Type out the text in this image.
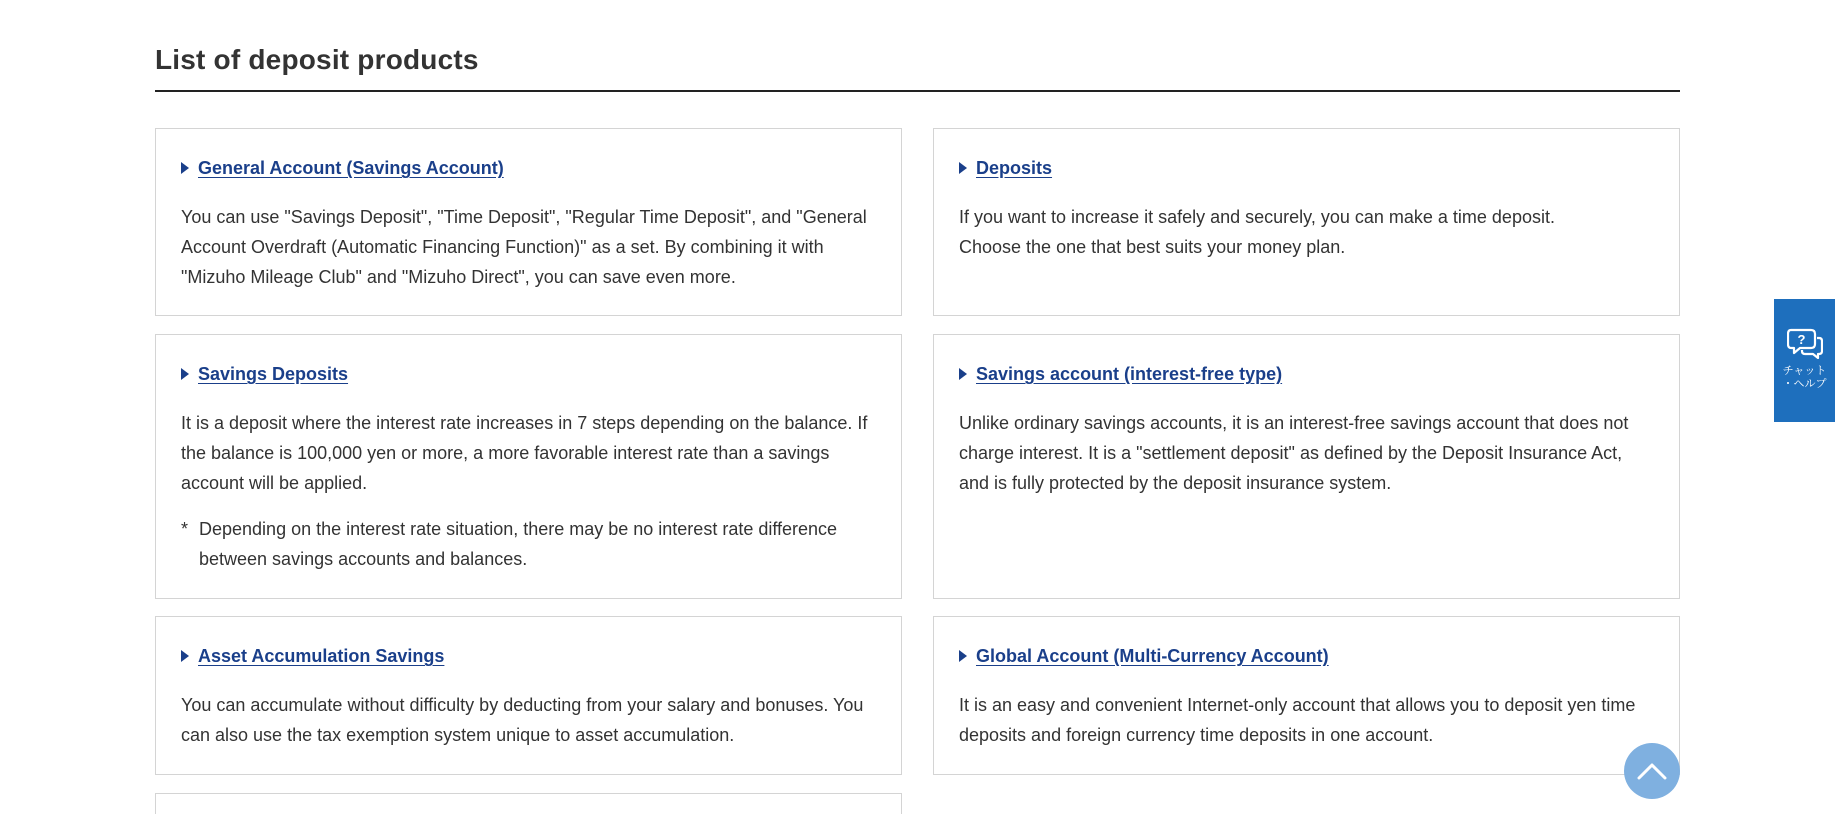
List of deposit products
General Account (Savings Account)

You can use "Savings Deposit", "Time Deposit", "Regular Time Deposit", and "General Account Overdraft (Automatic Financing Function)" as a set. By combining it with "Mizuho Mileage Club" and "Mizuho Direct", you can save even more.

Deposits

If you want to increase it safely and securely, you can make a time deposit.
Choose the one that best suits your money plan.

Savings Deposits

It is a deposit where the interest rate increases in 7 steps depending on the balance. If the balance is 100,000 yen or more, a more favorable interest rate than a savings account will be applied.

* Depending on the interest rate situation, there may be no interest rate difference between savings accounts and balances.
Savings account (interest-free type)

Unlike ordinary savings accounts, it is an interest-free savings account that does not charge interest. It is a "settlement deposit" as defined by the Deposit Insurance Act, and is fully protected by the deposit insurance system.

Asset Accumulation Savings

You can accumulate without difficulty by deducting from your salary and bonuses. You can also use the tax exemption system unique to asset accumulation.

Global Account (Multi-Currency Account)

It is an easy and convenient Internet-only account that allows you to deposit yen time deposits and foreign currency time deposits in one account.

?
チャット
・ヘルプ
